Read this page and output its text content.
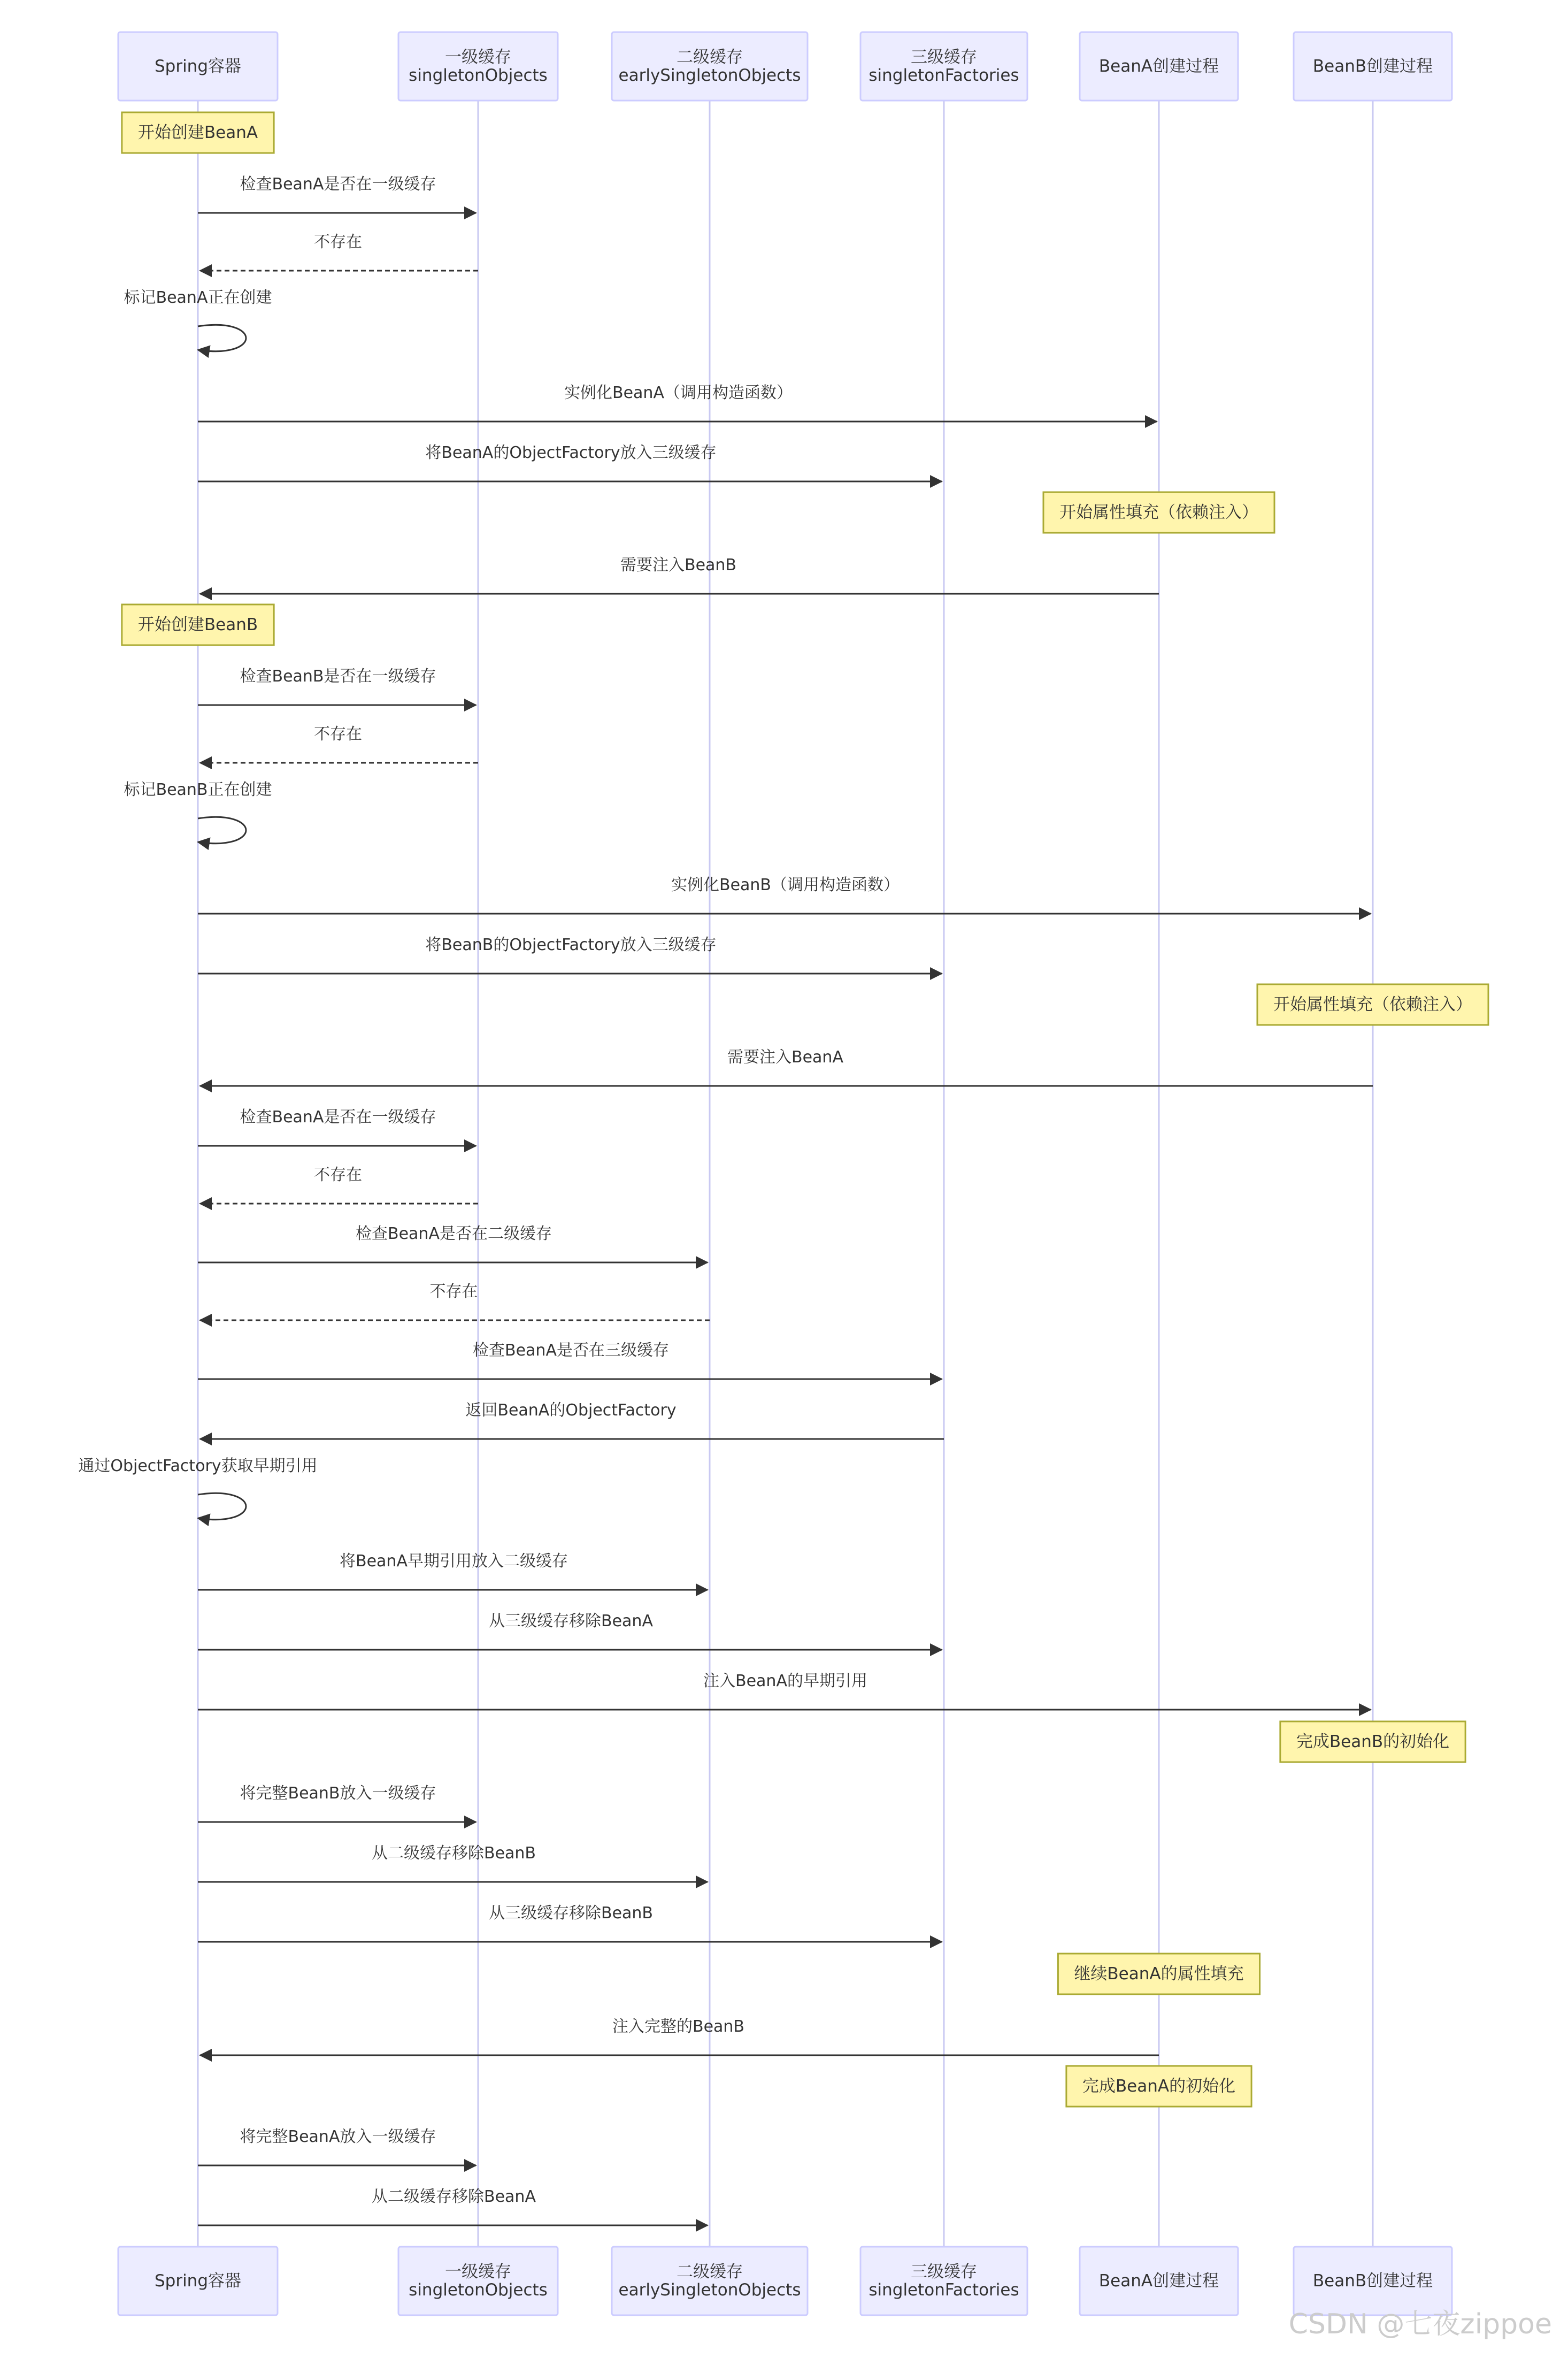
Spring容器	一级缓存
singletonObjects
二级缓存
earlySingletonObjects
三级缓存
singletonFactories	BeanA创建过程	BeanB创建过程
Spring容器	一级缓存
singletonObjects
二级缓存
earlySingletonObjects
三级缓存
singletonFactories	BeanA创建过程	BeanB创建过程
开始创建BeanA
检查BeanA是否在一级缓存
不存在
标记BeanA正在创建
实例化BeanA（调用构造函数）
将BeanA的ObjectFactory放入三级缓存
开始属性填充（依赖注入）
需要注入BeanB
开始创建BeanB
检查BeanB是否在一级缓存
不存在
标记BeanB正在创建
实例化BeanB（调用构造函数）
将BeanB的ObjectFactory放入三级缓存
开始属性填充（依赖注入）
需要注入BeanA
检查BeanA是否在一级缓存
不存在
检查BeanA是否在二级缓存
不存在
检查BeanA是否在三级缓存
返回BeanA的ObjectFactory
通过ObjectFactory获取早期引用
将BeanA早期引用放入二级缓存
从三级缓存移除BeanA
注入BeanA的早期引用
完成BeanB的初始化
将完整BeanB放入一级缓存
从二级缓存移除BeanB
从三级缓存移除BeanB
继续BeanA的属性填充
注入完整的BeanB
完成BeanA的初始化
将完整BeanA放入一级缓存
从二级缓存移除BeanA
CSDN @七夜zippoe
